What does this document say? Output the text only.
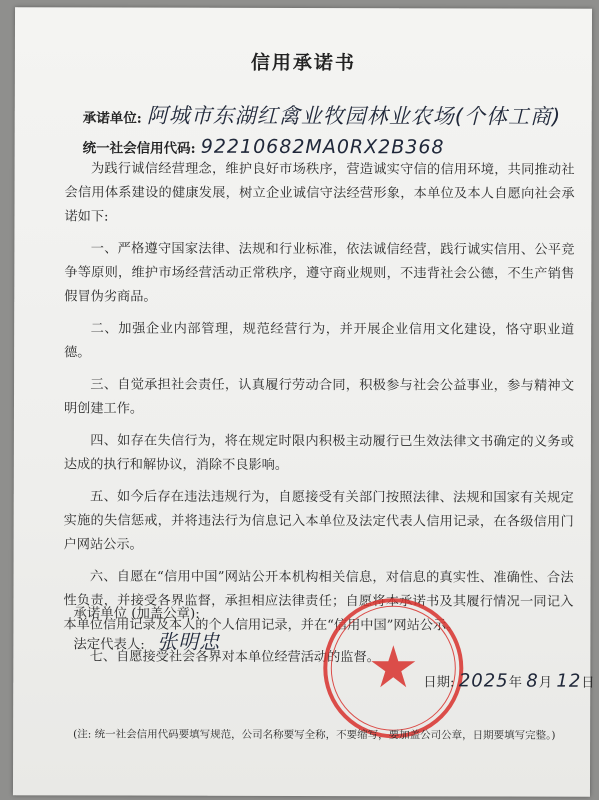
信用承诺书
承诺单位: 阿城市东湖红禽业牧园林业农场(个体工商)
统一社会信用代码: 92210682MA0RX2B368

为践行诚信经营理念，维护良好市场秩序，营造诚实守信的信用环境，共同推动社会信用体系建设的健康发展，树立企业诚信守法经营形象，本单位及本人自愿向社会承诺如下:

一、严格遵守国家法律、法规和行业标准，依法诚信经营，践行诚实信用、公平竞争等原则，维护市场经营活动正常秩序，遵守商业规则，不违背社会公德，不生产销售假冒伪劣商品。

二、加强企业内部管理，规范经营行为，并开展企业信用文化建设，恪守职业道德。

三、自觉承担社会责任，认真履行劳动合同，积极参与社会公益事业，参与精神文明创建工作。

四、如存在失信行为，将在规定时限内积极主动履行已生效法律文书确定的义务或达成的执行和解协议，消除不良影响。

五、如今后存在违法违规行为，自愿接受有关部门按照法律、法规和国家有关规定实施的失信惩戒，并将违法行为信息记入本单位及法定代表人信用记录，在各级信用门户网站公示。

六、自愿在“信用中国”网站公开本机构相关信息，对信息的真实性、准确性、合法性负责，并接受各界监督，承担相应法律责任；自愿将本承诺书及其履行情况一同记入本单位信用记录及本人的个人信用记录，并在“信用中国”网站公示。

七、自愿接受社会各界对本单位经营活动的监督。

承诺单位 (加盖公章):
法定代表人: 张明忠
日期: 2025年 8月 12日
(注: 统一社会信用代码要填写规范，公司名称要写全称，不要缩写，要加盖公司公章，日期要填写完整。)
